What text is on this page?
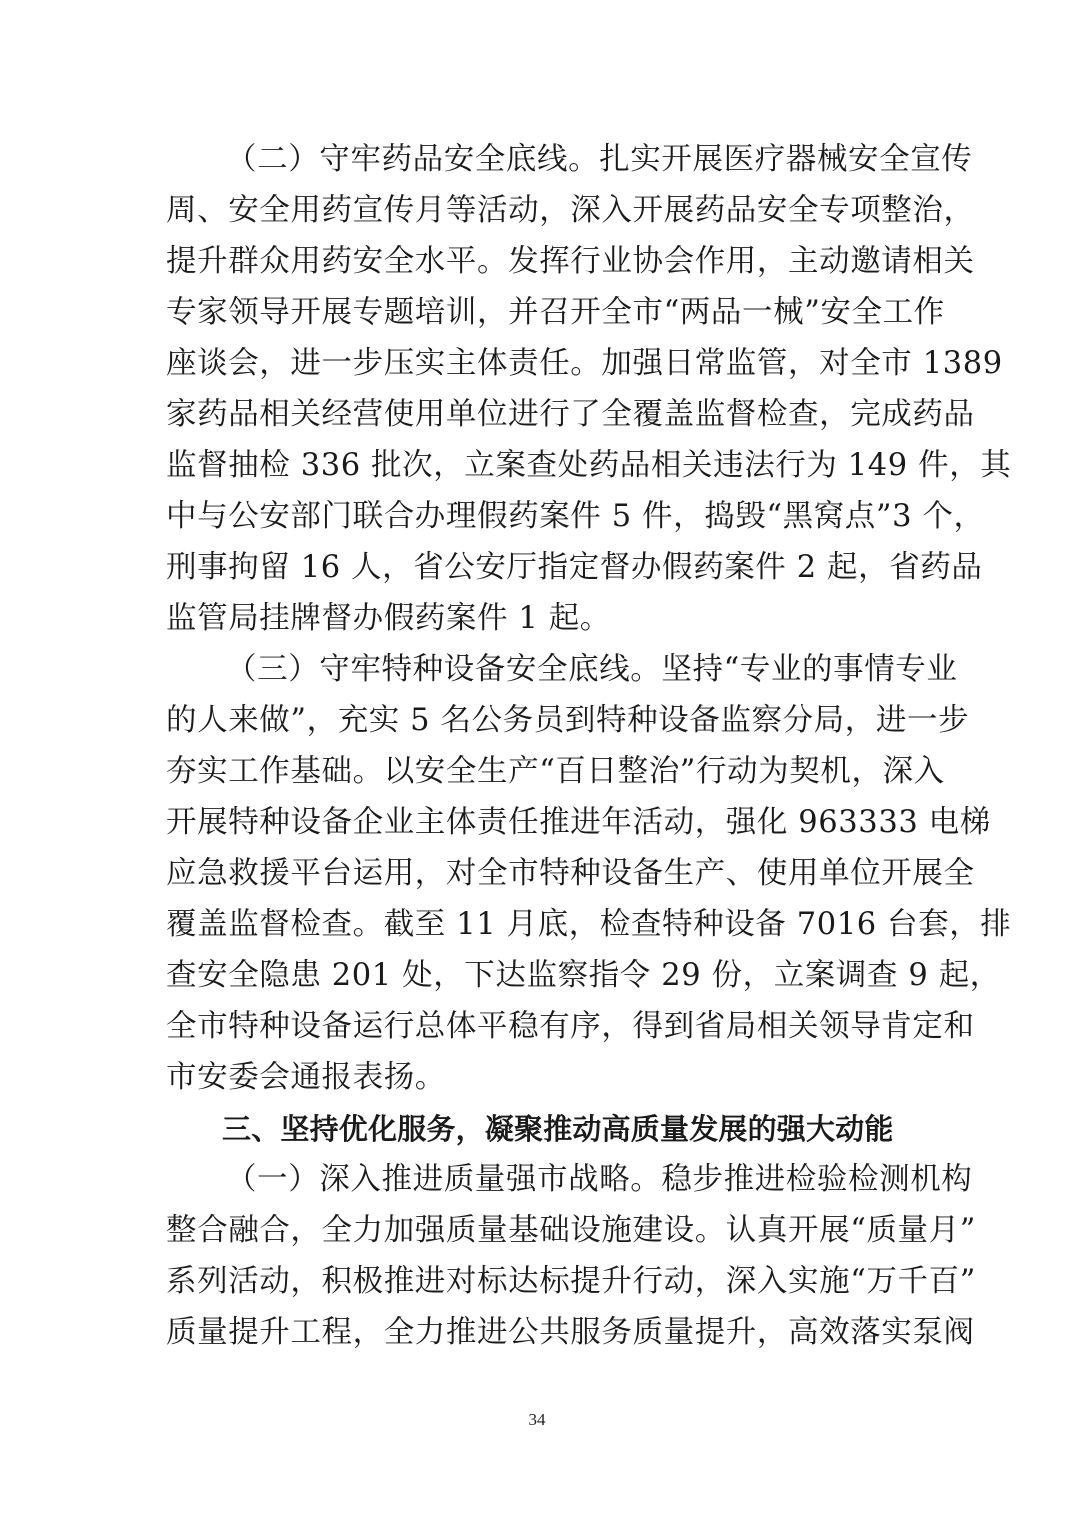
（二）守牢药品安全底线。扎实开展医疗器械安全宣传
周、安全用药宣传月等活动，深入开展药品安全专项整治，
提升群众用药安全水平。发挥行业协会作用，主动邀请相关
专家领导开展专题培训，并召开全市“两品一械”安全工作
座谈会，进一步压实主体责任。加强日常监管，对全市 1389
家药品相关经营使用单位进行了全覆盖监督检查，完成药品
监督抽检 336 批次，立案查处药品相关违法行为 149 件，其
中与公安部门联合办理假药案件 5 件，捣毁“黑窝点”3 个，
刑事拘留 16 人，省公安厅指定督办假药案件 2 起，省药品
监管局挂牌督办假药案件 1 起。
（三）守牢特种设备安全底线。坚持“专业的事情专业
的人来做”，充实 5 名公务员到特种设备监察分局，进一步
夯实工作基础。以安全生产“百日整治”行动为契机，深入
开展特种设备企业主体责任推进年活动，强化 963333 电梯
应急救援平台运用，对全市特种设备生产、使用单位开展全
覆盖监督检查。截至 11 月底，检查特种设备 7016 台套，排
查安全隐患 201 处，下达监察指令 29 份，立案调查 9 起，
全市特种设备运行总体平稳有序，得到省局相关领导肯定和
市安委会通报表扬。
三、坚持优化服务，凝聚推动高质量发展的强大动能
（一）深入推进质量强市战略。稳步推进检验检测机构
整合融合，全力加强质量基础设施建设。认真开展“质量月”
系列活动，积极推进对标达标提升行动，深入实施“万千百”
质量提升工程，全力推进公共服务质量提升，高效落实泵阀
34
